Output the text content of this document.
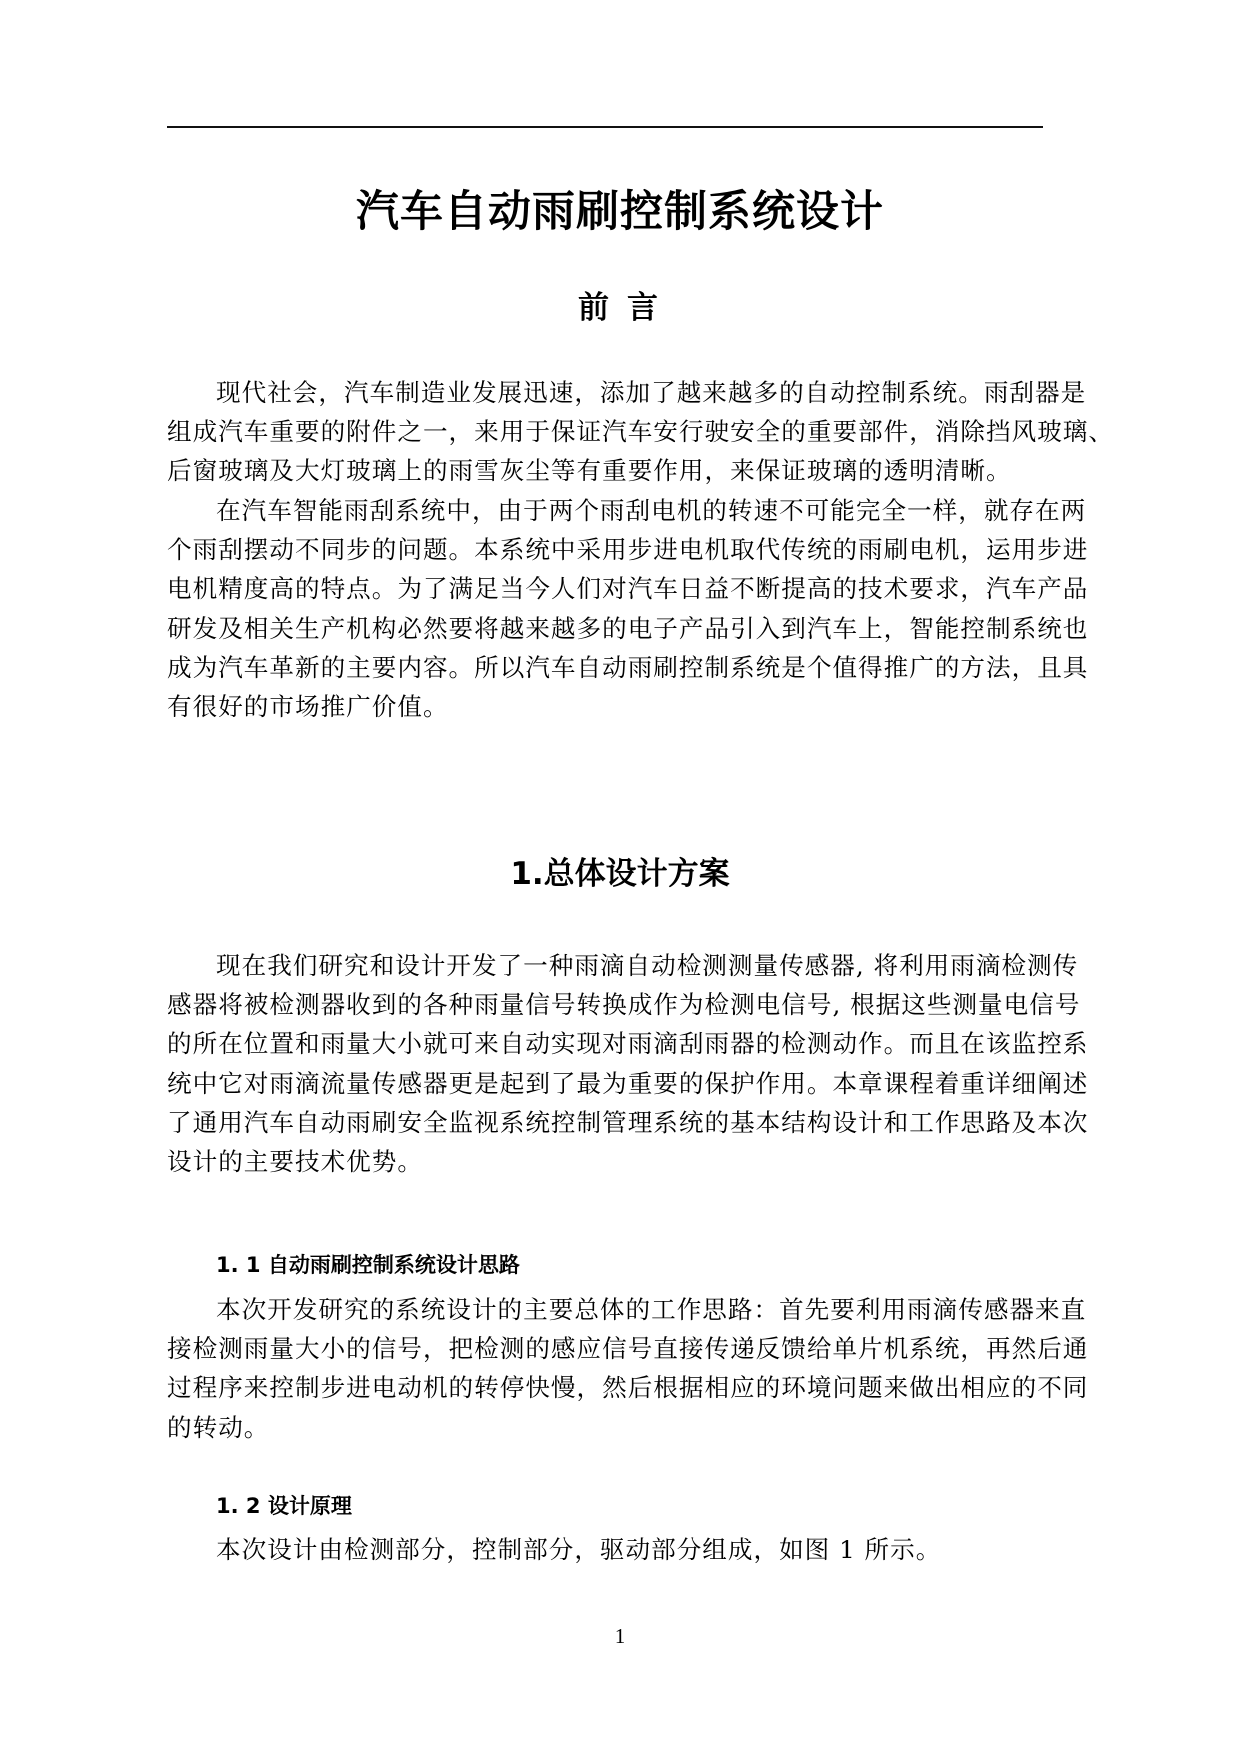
汽车自动雨刷控制系统设计
前言

现代社会，汽车制造业发展迅速，添加了越来越多的自动控制系统。雨刮器是
组成汽车重要的附件之一，来用于保证汽车安行驶安全的重要部件，消除挡风玻璃、
后窗玻璃及大灯玻璃上的雨雪灰尘等有重要作用，来保证玻璃的透明清晰。

在汽车智能雨刮系统中，由于两个雨刮电机的转速不可能完全一样，就存在两
个雨刮摆动不同步的问题。本系统中采用步进电机取代传统的雨刷电机，运用步进
电机精度高的特点。为了满足当今人们对汽车日益不断提高的技术要求，汽车产品
研发及相关生产机构必然要将越来越多的电子产品引入到汽车上，智能控制系统也
成为汽车革新的主要内容。所以汽车自动雨刷控制系统是个值得推广的方法，且具
有很好的市场推广价值。

1.总体设计方案

现在我们研究和设计开发了一种雨滴自动检测测量传感器, 将利用雨滴检测传
感器将被检测器收到的各种雨量信号转换成作为检测电信号, 根据这些测量电信号
的所在位置和雨量大小就可来自动实现对雨滴刮雨器的检测动作。而且在该监控系
统中它对雨滴流量传感器更是起到了最为重要的保护作用。本章课程着重详细阐述
了通用汽车自动雨刷安全监视系统控制管理系统的基本结构设计和工作思路及本次
设计的主要技术优势。

1. 1 自动雨刷控制系统设计思路

本次开发研究的系统设计的主要总体的工作思路：首先要利用雨滴传感器来直
接检测雨量大小的信号，把检测的感应信号直接传递反馈给单片机系统，再然后通
过程序来控制步进电动机的转停快慢，然后根据相应的环境问题来做出相应的不同
的转动。

1. 2 设计原理

本次设计由检测部分，控制部分，驱动部分组成，如图 1 所示。

1
